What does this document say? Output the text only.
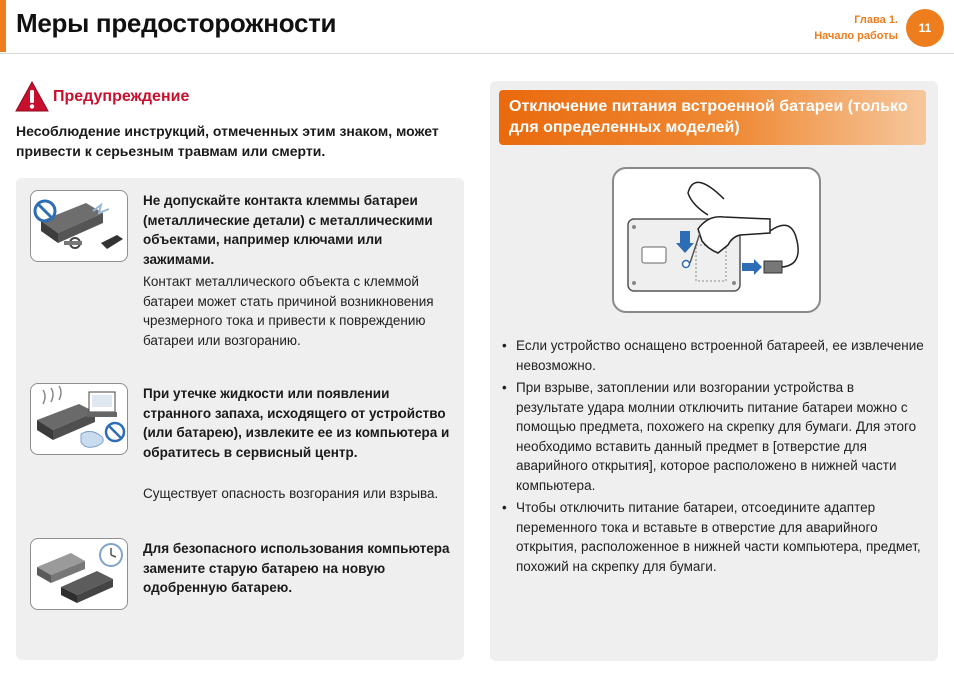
Меры предосторожности	Глава 1.
Начало работы
11
Предупреждение
Несоблюдение инструкций, отмеченных этим знаком, может привести к серьезным травмам или смерти.
Не допускайте контакта клеммы батареи (металлические детали) с металлическими объектами, например ключами или зажимами.
Контакт металлического объекта с клеммой батареи может стать причиной возникновения чрезмерного тока и привести к повреждению батареи или возгоранию.
При утечке жидкости или появлении странного запаха, исходящего от устройство (или батарею), извлеките ее из компьютера и обратитесь в сервисный центр.
Существует опасность возгорания или взрыва.
Для безопасного использования компьютера замените старую батарею на новую одобренную батарею.
Отключение питания встроенной батареи (только для определенных моделей)
• Если устройство оснащено встроенной батареей, ее извлечение невозможно.
• При взрыве, затоплении или возгорании устройства в результате удара молнии отключить питание батареи можно с помощью предмета, похожего на скрепку для бумаги. Для этого необходимо вставить данный предмет в [отверстие для аварийного открытия], которое расположено в нижней части компьютера.
• Чтобы отключить питание батареи, отсоедините адаптер переменного тока и вставьте в отверстие для аварийного открытия, расположенное в нижней части компьютера, предмет, похожий на скрепку для бумаги.
